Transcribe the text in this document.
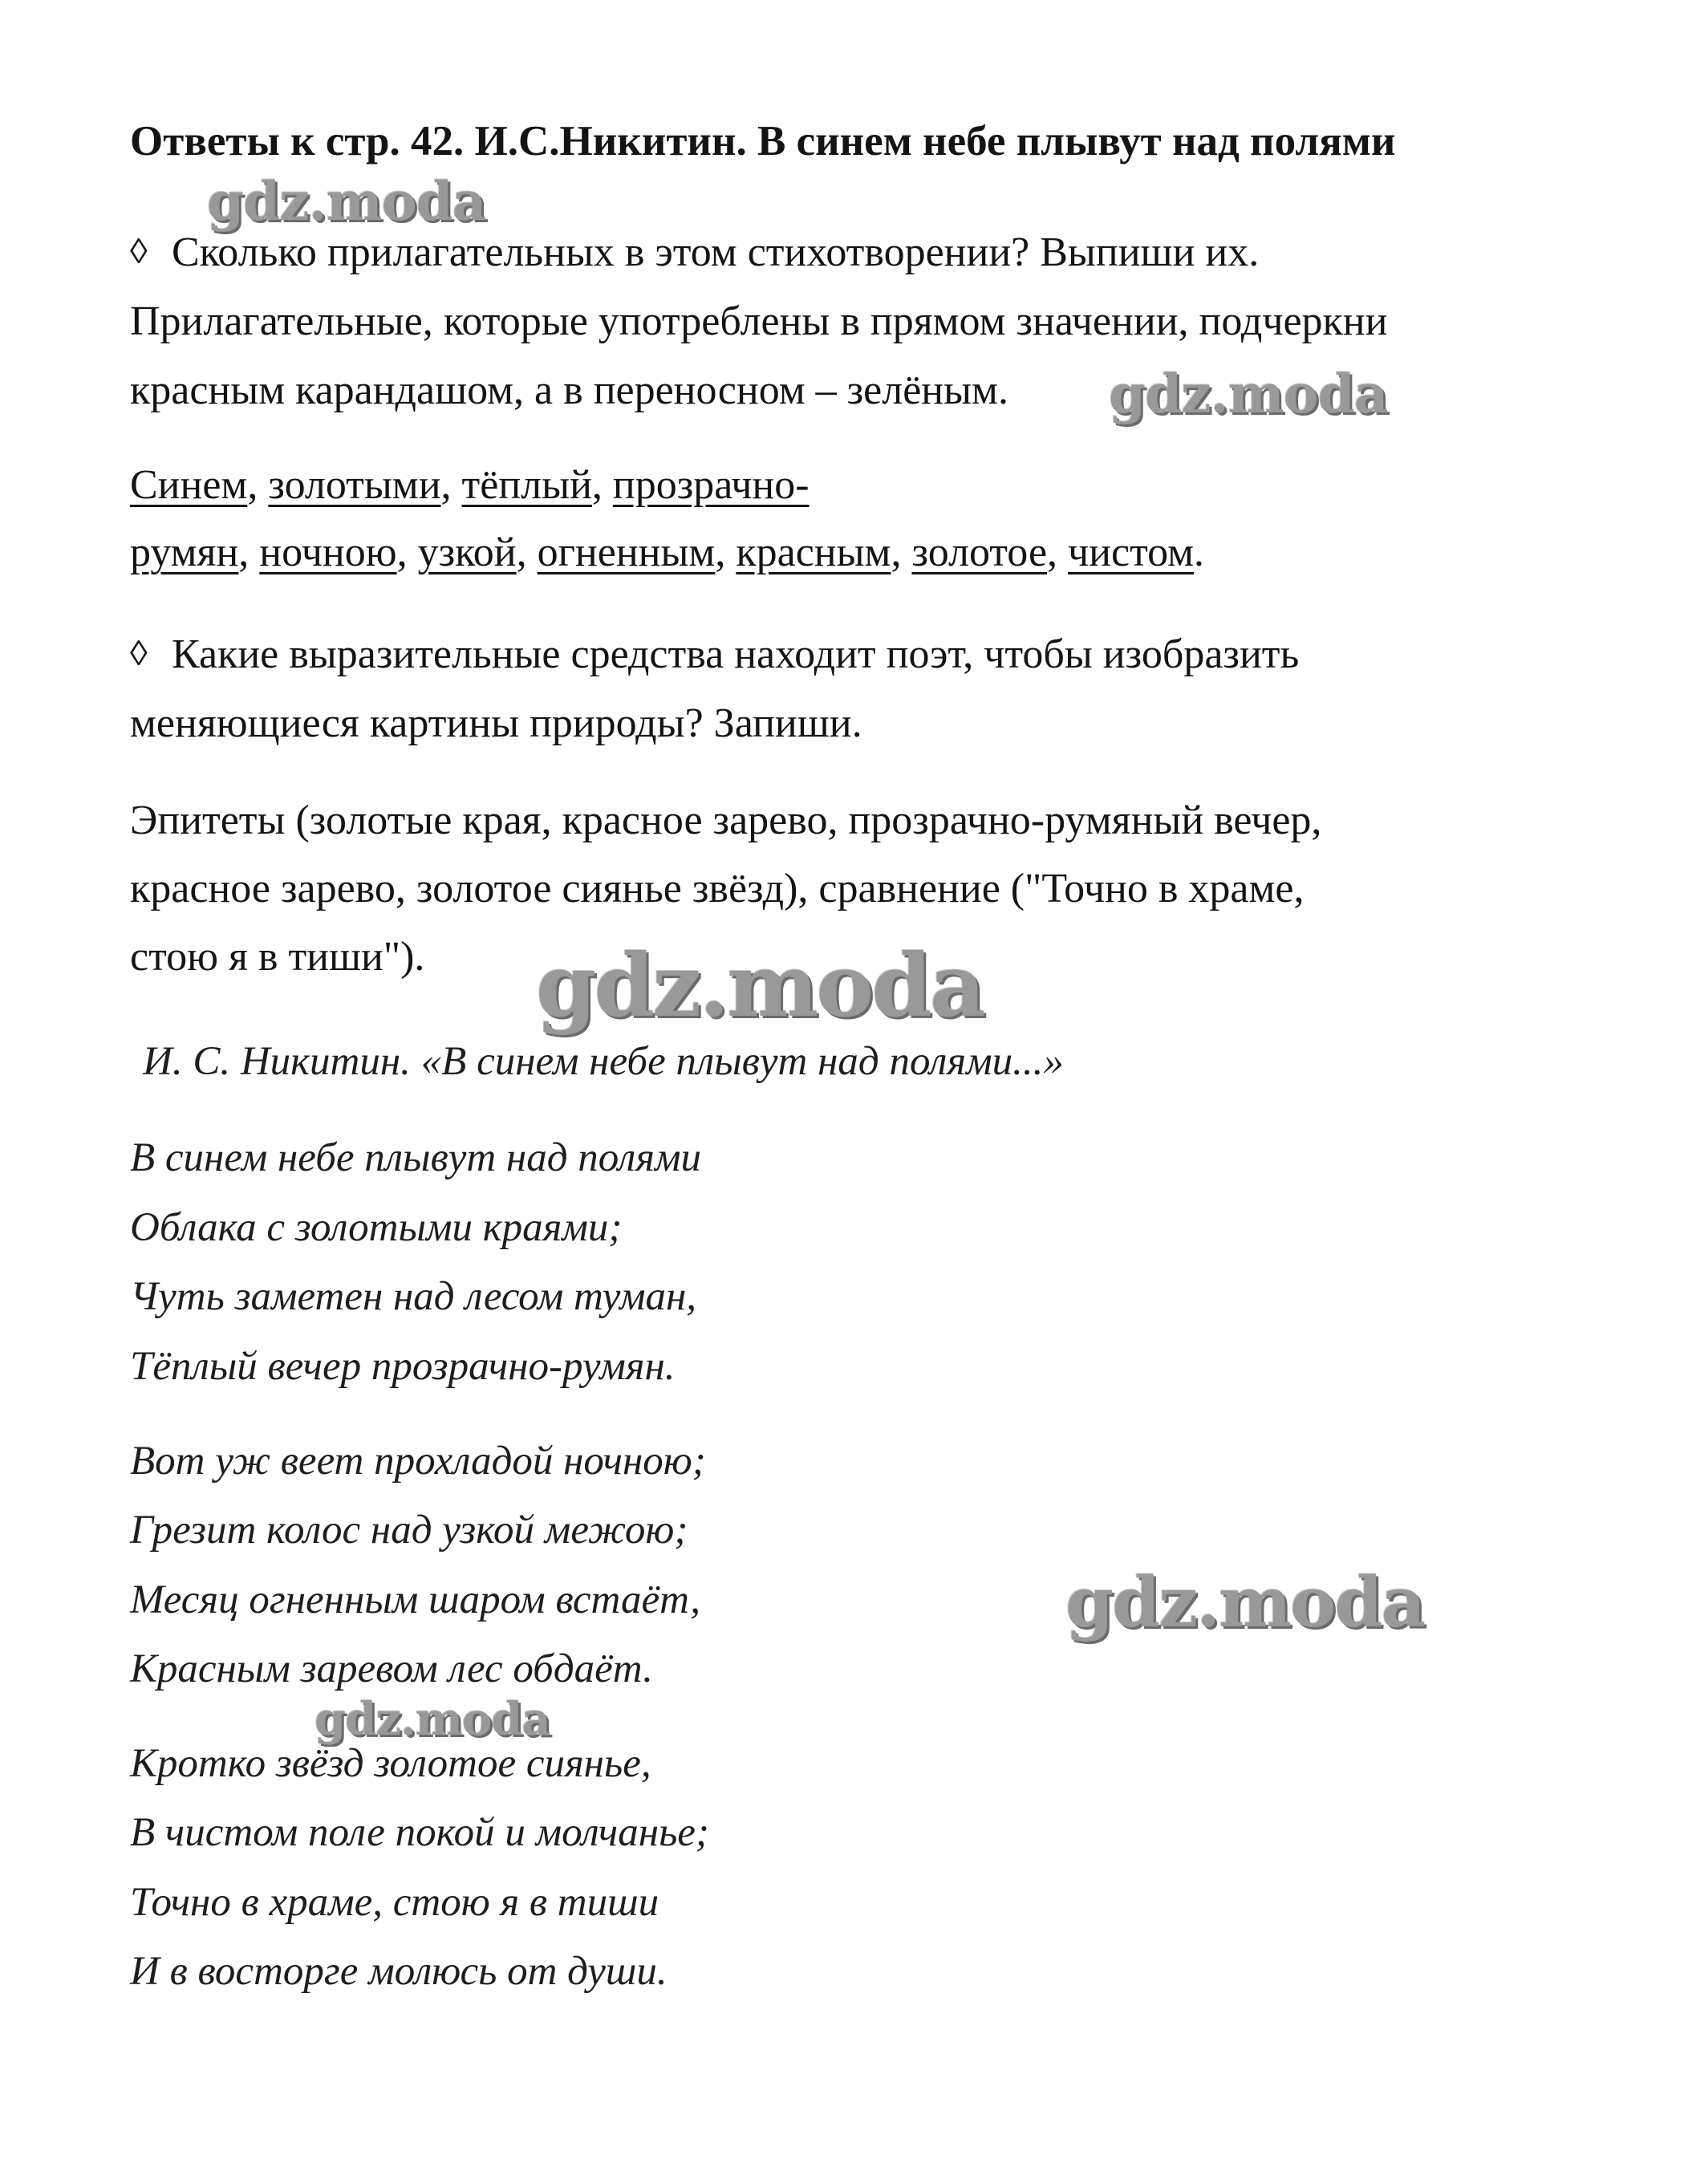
Ответы к стр. 42. И.С.Никитин. В синем небе плывут над полями
◊ Сколько прилагательных в этом стихотворении? Выпиши их.
Прилагательные, которые употреблены в прямом значении, подчеркни
красным карандашом, а в переносном – зелёным.
Синем, золотыми, тёплый, прозрачно-
румян, ночною, узкой, огненным, красным, золотое, чистом.
◊ Какие выразительные средства находит поэт, чтобы изобразить
меняющиеся картины природы? Запиши.
Эпитеты (золотые края, красное зарево, прозрачно-румяный вечер,
красное зарево, золотое сиянье звёзд), сравнение ("Точно в храме,
стою я в тиши").
И. С. Никитин. «В синем небе плывут над полями...»
В синем небе плывут над полями
Облака с золотыми краями;
Чуть заметен над лесом туман,
Тёплый вечер прозрачно-румян.
Вот уж веет прохладой ночною;
Грезит колос над узкой межою;
Месяц огненным шаром встаёт,
Красным заревом лес обдаёт.
Кротко звёзд золотое сиянье,
В чистом поле покой и молчанье;
Точно в храме, стою я в тиши
И в восторге молюсь от души.
gdz.moda
gdz.moda
gdz.moda
gdz.moda
gdz.moda
